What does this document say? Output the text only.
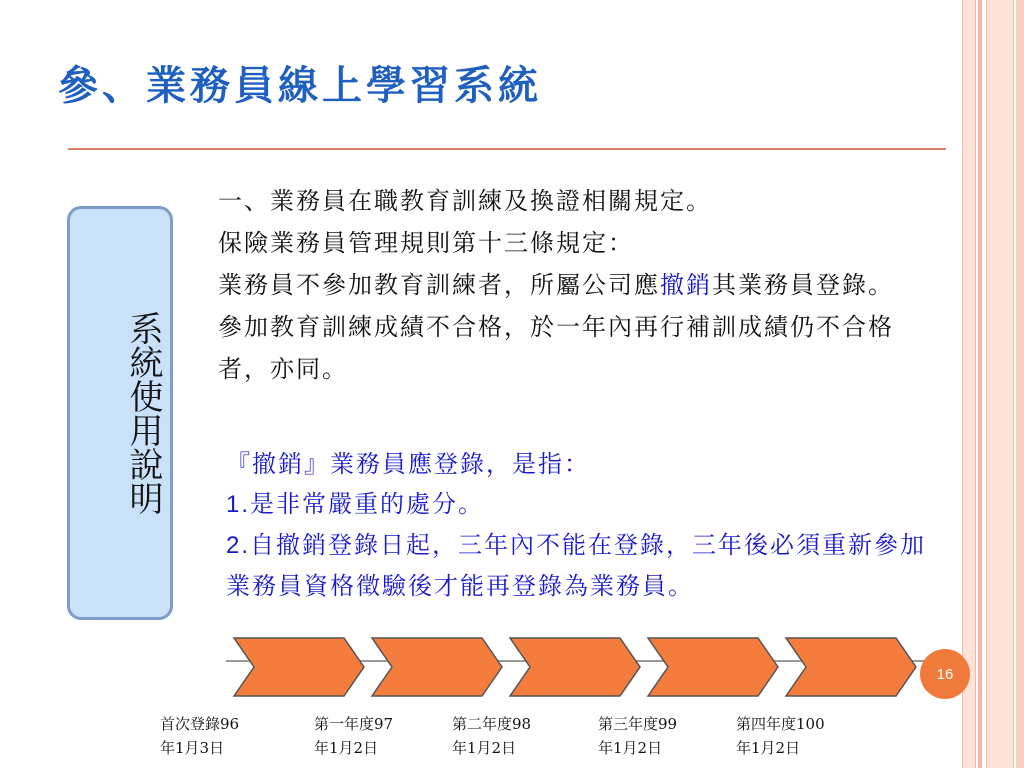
參、業務員線上學習系統
系統使用說明

一、業務員在職教育訓練及換證相關規定。

保險業務員管理規則第十三條規定：

業務員不參加教育訓練者，所屬公司應撤銷其業務員登錄。

參加教育訓練成績不合格，於一年內再行補訓成績仍不合格者，亦同。

『撤銷』業務員應登錄，是指：

1.是非常嚴重的處分。

2.自撤銷登錄日起，三年內不能在登錄，三年後必須重新參加業務員資格徵驗後才能再登錄為業務員。

16
首次登錄96
年1月3日
第一年度97
年1月2日
第二年度98
年1月2日
第三年度99
年1月2日
第四年度100
年1月2日
